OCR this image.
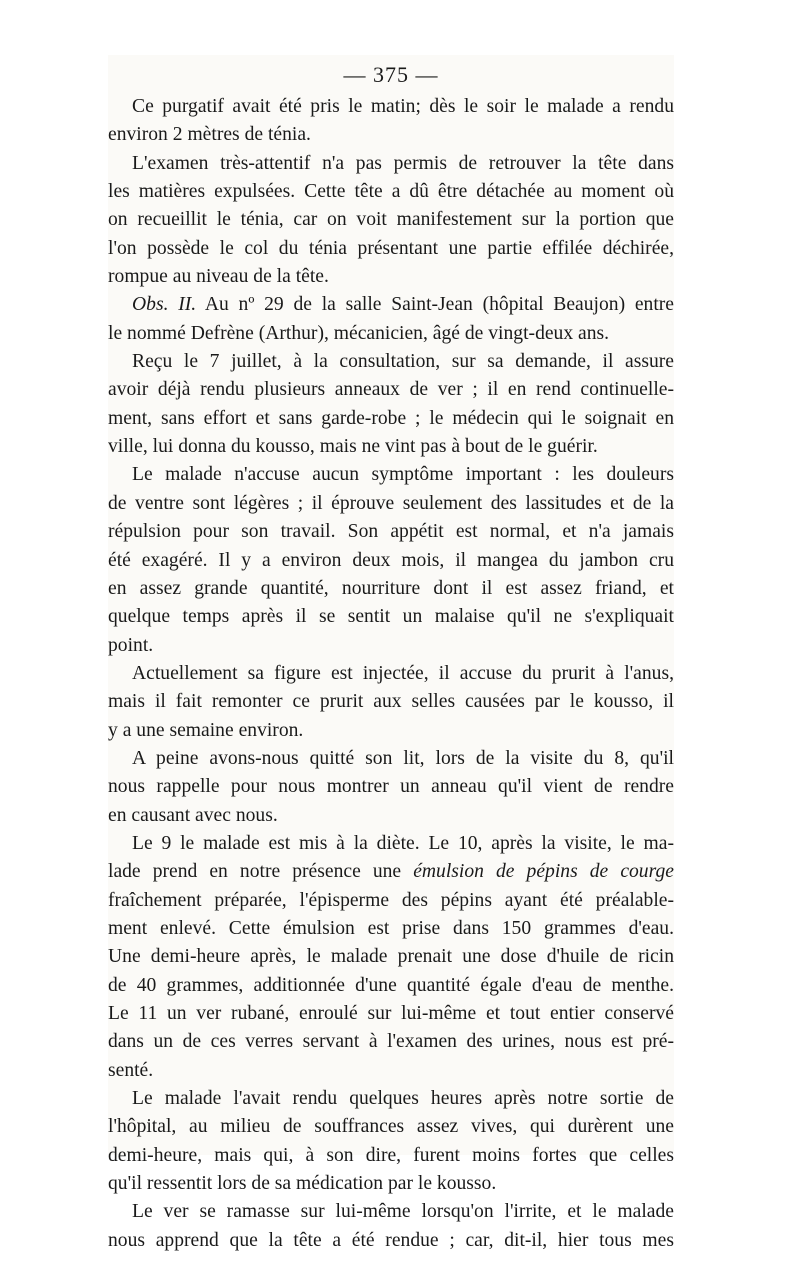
— 375 —
Ce purgatif avait été pris le matin; dès le soir le malade a rendu
environ 2 mètres de ténia.
L'examen très-attentif n'a pas permis de retrouver la tête dans
les matières expulsées. Cette tête a dû être détachée au moment où
on recueillit le ténia, car on voit manifestement sur la portion que
l'on possède le col du ténia présentant une partie effilée déchirée,
rompue au niveau de la tête.
Obs. II. Au nº 29 de la salle Saint-Jean (hôpital Beaujon) entre
le nommé Defrène (Arthur), mécanicien, âgé de vingt-deux ans.
Reçu le 7 juillet, à la consultation, sur sa demande, il assure
avoir déjà rendu plusieurs anneaux de ver ; il en rend continuelle-
ment, sans effort et sans garde-robe ; le médecin qui le soignait en
ville, lui donna du kousso, mais ne vint pas à bout de le guérir.
Le malade n'accuse aucun symptôme important : les douleurs
de ventre sont légères ; il éprouve seulement des lassitudes et de la
répulsion pour son travail. Son appétit est normal, et n'a jamais
été exagéré. Il y a environ deux mois, il mangea du jambon cru
en assez grande quantité, nourriture dont il est assez friand, et
quelque temps après il se sentit un malaise qu'il ne s'expliquait
point.
Actuellement sa figure est injectée, il accuse du prurit à l'anus,
mais il fait remonter ce prurit aux selles causées par le kousso, il
y a une semaine environ.
A peine avons-nous quitté son lit, lors de la visite du 8, qu'il
nous rappelle pour nous montrer un anneau qu'il vient de rendre
en causant avec nous.
Le 9 le malade est mis à la diète. Le 10, après la visite, le ma-
lade prend en notre présence une émulsion de pépins de courge
fraîchement préparée, l'épisperme des pépins ayant été préalable-
ment enlevé. Cette émulsion est prise dans 150 grammes d'eau.
Une demi-heure après, le malade prenait une dose d'huile de ricin
de 40 grammes, additionnée d'une quantité égale d'eau de menthe.
Le 11 un ver rubané, enroulé sur lui-même et tout entier conservé
dans un de ces verres servant à l'examen des urines, nous est pré-
senté.
Le malade l'avait rendu quelques heures après notre sortie de
l'hôpital, au milieu de souffrances assez vives, qui durèrent une
demi-heure, mais qui, à son dire, furent moins fortes que celles
qu'il ressentit lors de sa médication par le kousso.
Le ver se ramasse sur lui-même lorsqu'on l'irrite, et le malade
nous apprend que la tête a été rendue ; car, dit-il, hier tous mes
